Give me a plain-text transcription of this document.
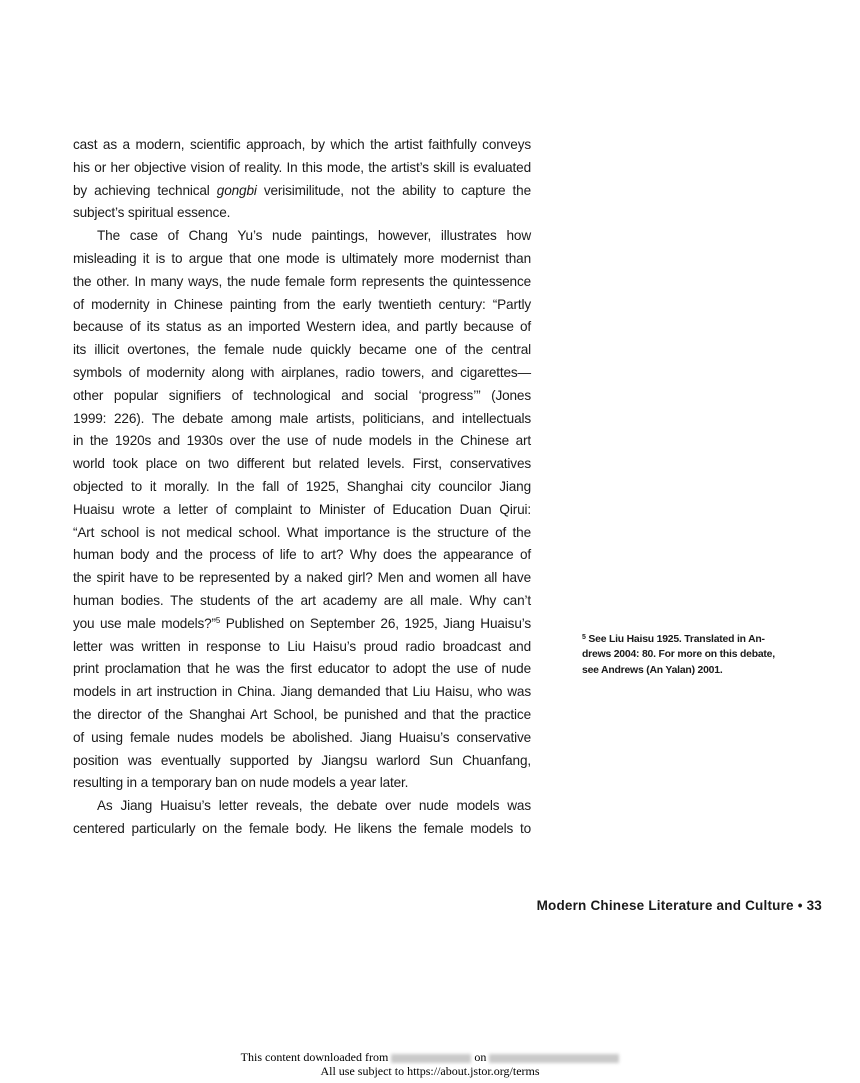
cast as a modern, scientific approach, by which the artist faithfully conveys
his or her objective vision of reality. In this mode, the artist’s skill is evaluated
by achieving technical gongbi verisimilitude, not the ability to capture the
subject’s spiritual essence.
The case of Chang Yu’s nude paintings, however, illustrates how
misleading it is to argue that one mode is ultimately more modernist than
the other. In many ways, the nude female form represents the quintessence
of modernity in Chinese painting from the early twentieth century: “Partly
because of its status as an imported Western idea, and partly because of
its illicit overtones, the female nude quickly became one of the central
symbols of modernity along with airplanes, radio towers, and cigarettes—
other popular signifiers of technological and social ‘progress’” (Jones
1999: 226). The debate among male artists, politicians, and intellectuals
in the 1920s and 1930s over the use of nude models in the Chinese art
world took place on two different but related levels. First, conservatives
objected to it morally. In the fall of 1925, Shanghai city councilor Jiang
Huaisu wrote a letter of complaint to Minister of Education Duan Qirui:
“Art school is not medical school. What importance is the structure of the
human body and the process of life to art? Why does the appearance of
the spirit have to be represented by a naked girl? Men and women all have
human bodies. The students of the art academy are all male. Why can’t
you use male models?”$^5$ Published on September 26, 1925, Jiang Huaisu’s
letter was written in response to Liu Haisu’s proud radio broadcast and
print proclamation that he was the first educator to adopt the use of nude
models in art instruction in China. Jiang demanded that Liu Haisu, who was
the director of the Shanghai Art School, be punished and that the practice
of using female nudes models be abolished. Jiang Huaisu’s conservative
position was eventually supported by Jiangsu warlord Sun Chuanfang,
resulting in a temporary ban on nude models a year later.
As Jiang Huaisu’s letter reveals, the debate over nude models was
centered particularly on the female body. He likens the female models to
$^5$ See Liu Haisu 1925. Translated in An-
drews 2004: 80. For more on this debate,
see Andrews (An Yalan) 2001.
Modern Chinese Literature and Culture • 33
This content downloaded from	on
All use subject to https://about.jstor.org/terms
